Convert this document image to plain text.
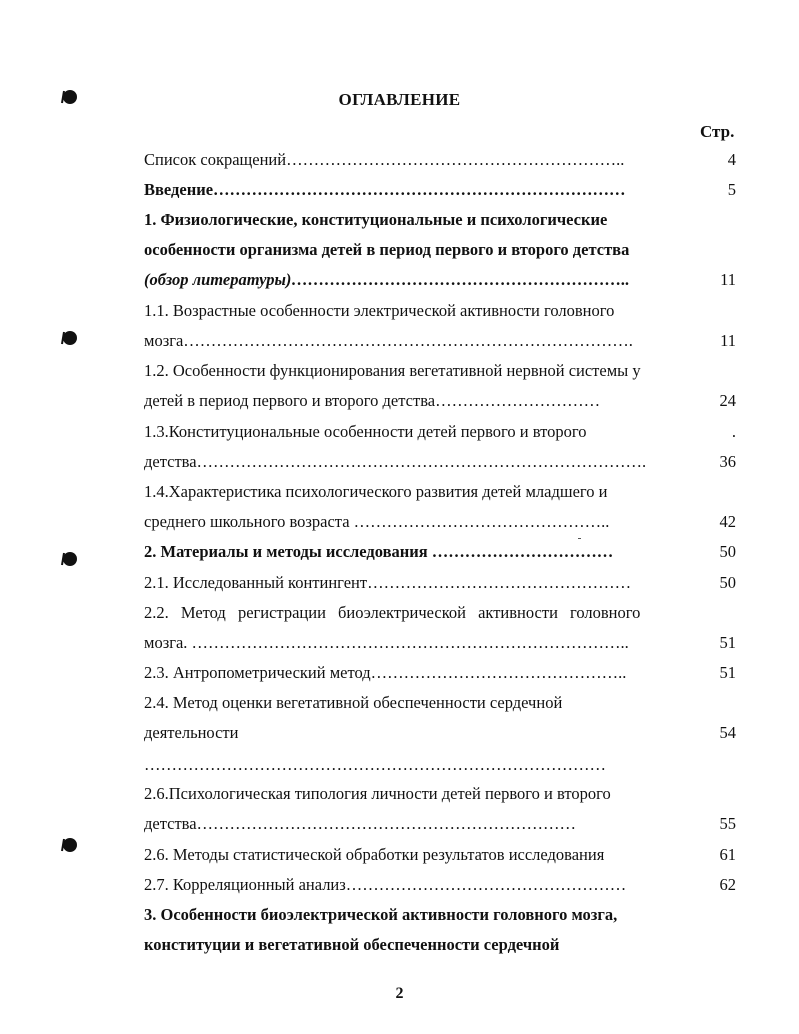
ОГЛАВЛЕНИЕ
Стр.
Список сокращений……………………………………………………..	4
Введение…………………………………………………………………	5
1. Физиологические, конституциональные и психологические
особенности организма детей в период первого и второго детства
(обзор литературы)……………………………………………………..	11
1.1. Возрастные особенности электрической активности головного
мозга……………………………………………………………………….	11
1.2. Особенности функционирования вегетативной нервной системы у
детей в период первого и второго детства…………………………	24
1.3.Конституциональные особенности детей первого и второго	.
детства……………………………………………………………………….	36
1.4.Характеристика психологического развития детей младшего и
среднего школьного возраста ………………………………………..	42
2. Материалы и методы исследования ……………………………	50
2.1. Исследованный контингент…………………………………………	50
2.2. Метод регистрации биоэлектрической активности головного
мозга. ……………………………………………………………………..	51
2.3. Антропометрический метод………………………………………..	51
2.4. Метод оценки вегетативной обеспеченности сердечной
деятельности	54
…………………………………………………………………………
2.6.Психологическая типология личности детей первого и второго
детства……………………………………………………………	55
2.6. Методы статистической обработки результатов исследования	61
2.7. Корреляционный анализ……………………………………………	62
3. Особенности биоэлектрической активности головного мозга,
конституции и вегетативной обеспеченности сердечной
2
